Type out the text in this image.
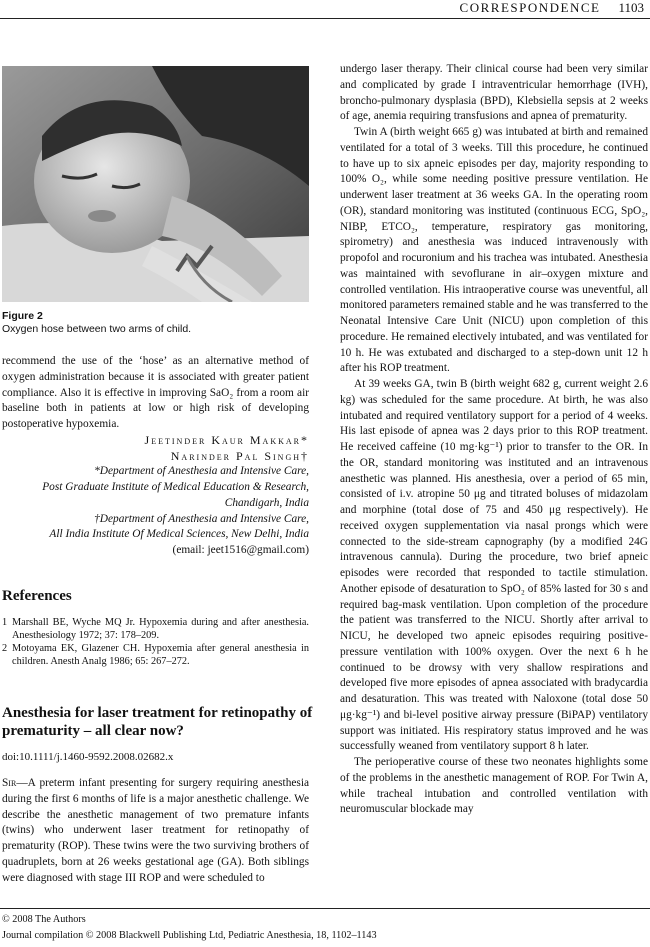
CORRESPONDENCE 1103
Figure 2
Oxygen hose between two arms of child.

recommend the use of the ‘hose’ as an alternative method of oxygen administration because it is associated with greater patient compliance. Also it is effective in improving SaO₂ from a room air baseline both in patients at low or high risk of developing postoperative hypoxemia.

Jeetinder Kaur Makkar*
Narinder Pal Singh†
*Department of Anesthesia and Intensive Care,
Post Graduate Institute of Medical Education & Research,
Chandigarh, India
†Department of Anesthesia and Intensive Care,
All India Institute Of Medical Sciences, New Delhi, India
(email: jeet1516@gmail.com)
References
1 Marshall BE, Wyche MQ Jr. Hypoxemia during and after anesthesia. Anesthesiology 1972; 37: 178–209.
2 Motoyama EK, Glazener CH. Hypoxemia after general anesthesia in children. Anesth Analg 1986; 65: 267–272.
Anesthesia for laser treatment for retinopathy of prematurity – all clear now?
doi:10.1111/j.1460-9592.2008.02682.x

Sir—A preterm infant presenting for surgery requiring anesthesia during the first 6 months of life is a major anesthetic challenge. We describe the anesthetic management of two premature infants (twins) who underwent laser treatment for retinopathy of prematurity (ROP). These twins were the two surviving brothers of quadruplets, born at 26 weeks gestational age (GA). Both siblings were diagnosed with stage III ROP and were scheduled to

undergo laser therapy. Their clinical course had been very similar and complicated by grade I intraventricular hemorrhage (IVH), broncho-pulmonary dysplasia (BPD), Klebsiella sepsis at 2 weeks of age, anemia requiring transfusions and apnea of prematurity.

Twin A (birth weight 665 g) was intubated at birth and remained ventilated for a total of 3 weeks. Till this procedure, he continued to have up to six apneic episodes per day, majority responding to 100% O₂, while some needing positive pressure ventilation. He underwent laser treatment at 36 weeks GA. In the operating room (OR), standard monitoring was instituted (continuous ECG, SpO₂, NIBP, ETCO₂, temperature, respiratory gas monitoring, spirometry) and anesthesia was induced intravenously with propofol and rocuronium and his trachea was intubated. Anesthesia was maintained with sevoflurane in air–oxygen mixture and controlled ventilation. His intraoperative course was uneventful, all monitored parameters remained stable and he was transferred to the Neonatal Intensive Care Unit (NICU) upon completion of this procedure. He remained electively intubated, and was ventilated for 10 h. He was extubated and discharged to a step-down unit 12 h after his ROP treatment.

At 39 weeks GA, twin B (birth weight 682 g, current weight 2.6 kg) was scheduled for the same procedure. At birth, he was also intubated and required ventilatory support for a period of 4 weeks. His last episode of apnea was 2 days prior to this ROP treatment. He received caffeine (10 mg·kg⁻¹) prior to transfer to the OR. In the OR, standard monitoring was instituted and an intravenous anesthetic was planned. His anesthesia, over a period of 65 min, consisted of i.v. atropine 50 μg and titrated boluses of midazolam and morphine (total dose of 75 and 450 μg respectively). He received oxygen supplementation via nasal prongs which were connected to the side-stream capnography (by a modified 24G intravenous cannula). During the procedure, two brief apneic episodes were recorded that responded to tactile stimulation. Another episode of desaturation to SpO₂ of 85% lasted for 30 s and required bag-mask ventilation. Upon completion of the procedure the patient was transferred to the NICU. Shortly after arrival to NICU, he developed two apneic episodes requiring positive-pressure ventilation with 100% oxygen. Over the next 6 h he continued to be drowsy with very shallow respirations and developed five more episodes of apnea associated with bradycardia and desaturation. This was treated with Naloxone (total dose 50 μg·kg⁻¹) and bi-level positive airway pressure (BiPAP) ventilatory support was initiated. His respiratory status improved and he was successfully weaned from ventilatory support 8 h later.

The perioperative course of these two neonates highlights some of the problems in the anesthetic management of ROP. For Twin A, while tracheal intubation and controlled ventilation with neuromuscular blockade may

© 2008 The Authors
Journal compilation © 2008 Blackwell Publishing Ltd, Pediatric Anesthesia, 18, 1102–1143
